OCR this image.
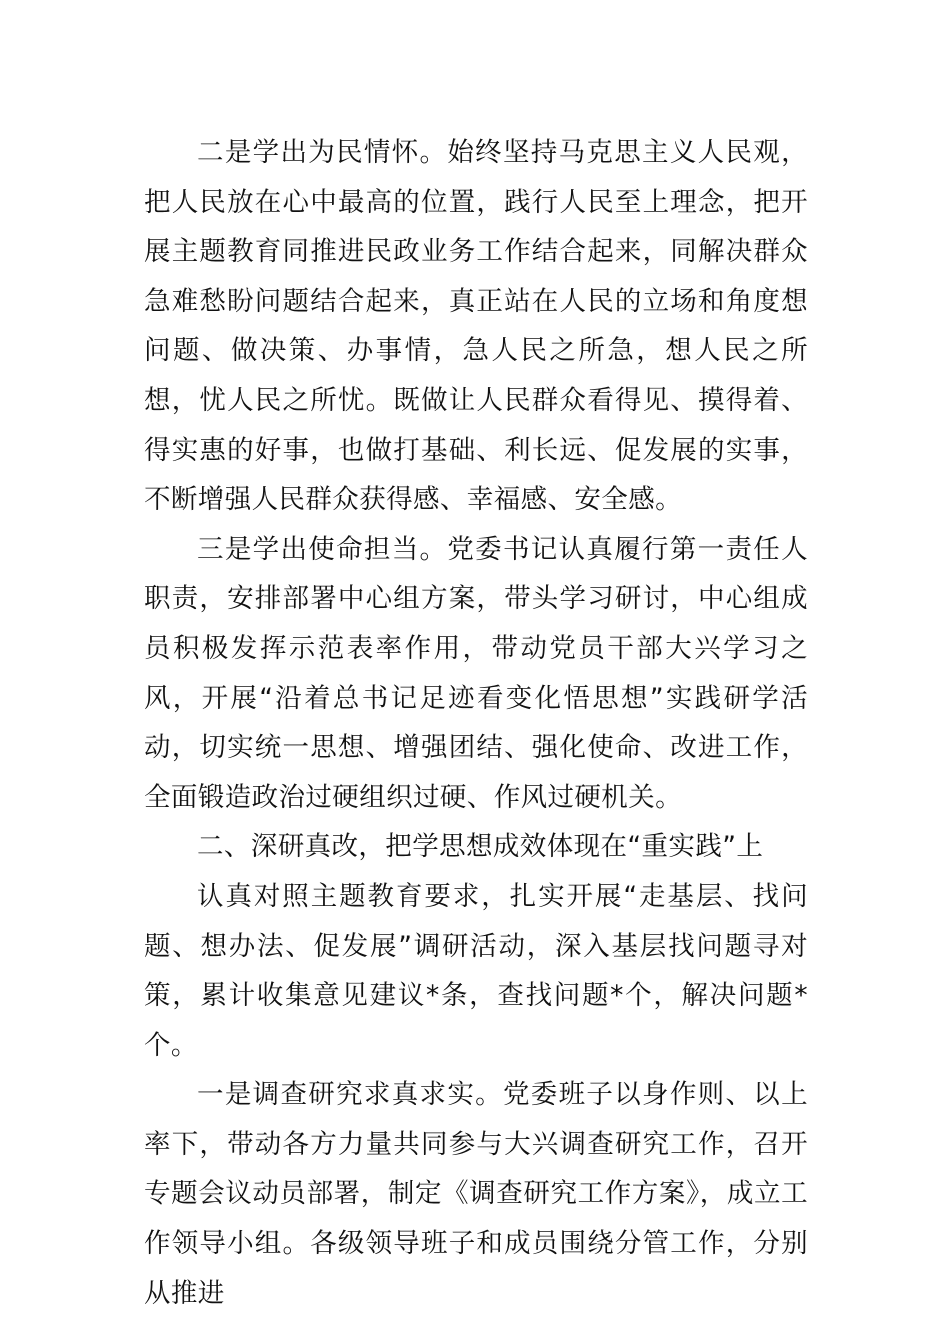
二是学出为民情怀。始终坚持马克思主义人民观，把人民放在心中最高的位置，践行人民至上理念，把开展主题教育同推进民政业务工作结合起来，同解决群众急难愁盼问题结合起来，真正站在人民的立场和角度想问题、做决策、办事情，急人民之所急，想人民之所想，忧人民之所忧。既做让人民群众看得见、摸得着、得实惠的好事，也做打基础、利长远、促发展的实事，不断增强人民群众获得感、幸福感、安全感。

三是学出使命担当。党委书记认真履行第一责任人职责，安排部署中心组方案，带头学习研讨，中心组成员积极发挥示范表率作用，带动党员干部大兴学习之风，开展“沿着总书记足迹看变化悟思想”实践研学活动，切实统一思想、增强团结、强化使命、改进工作，全面锻造政治过硬组织过硬、作风过硬机关。

二、深研真改，把学思想成效体现在“重实践”上

认真对照主题教育要求，扎实开展“走基层、找问题、想办法、促发展”调研活动，深入基层找问题寻对策，累计收集意见建议*条，查找问题*个，解决问题*个。

一是调查研究求真求实。党委班子以身作则、以上率下，带动各方力量共同参与大兴调查研究工作，召开专题会议动员部署，制定《调查研究工作方案》，成立工作领导小组。各级领导班子和成员围绕分管工作，分别从推进
